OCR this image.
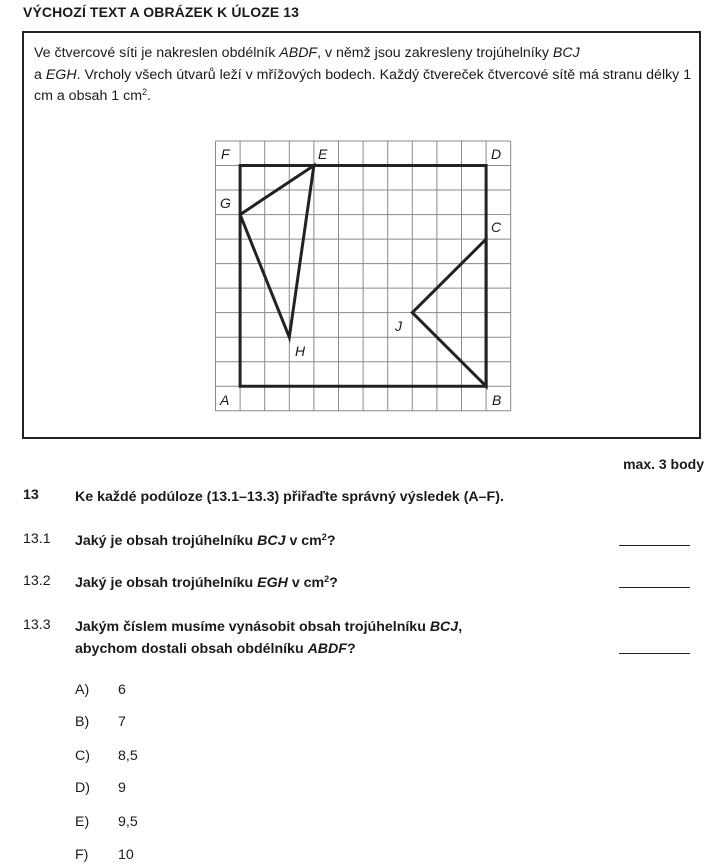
VÝCHOZÍ TEXT A OBRÁZEK K ÚLOZE 13
Ve čtvercové síti je nakreslen obdélník ABDF, v němž jsou zakresleny trojúhelníky BCJ
a EGH. Vrcholy všech útvarů leží v mřížových bodech. Každý čtvereček čtvercové sítě má stranu délky 1 cm a obsah 1 $cm^2$.
F	E	D
G
C
J
H
A	B
max. 3 body
13	Ke každé podúloze (13.1–13.3) přiřaďte správný výsledek (A–F).
13.1 Jaký je obsah trojúhelníku BCJ v $cm^2$?
13.2 Jaký je obsah trojúhelníku EGH v $cm^2$?
13.3 Jakým číslem musíme vynásobit obsah trojúhelníku BCJ,
abychom dostali obsah obdélníku ABDF?
A) 6
B) 7
C) 8,5
D) 9
E) 9,5
F) 10
